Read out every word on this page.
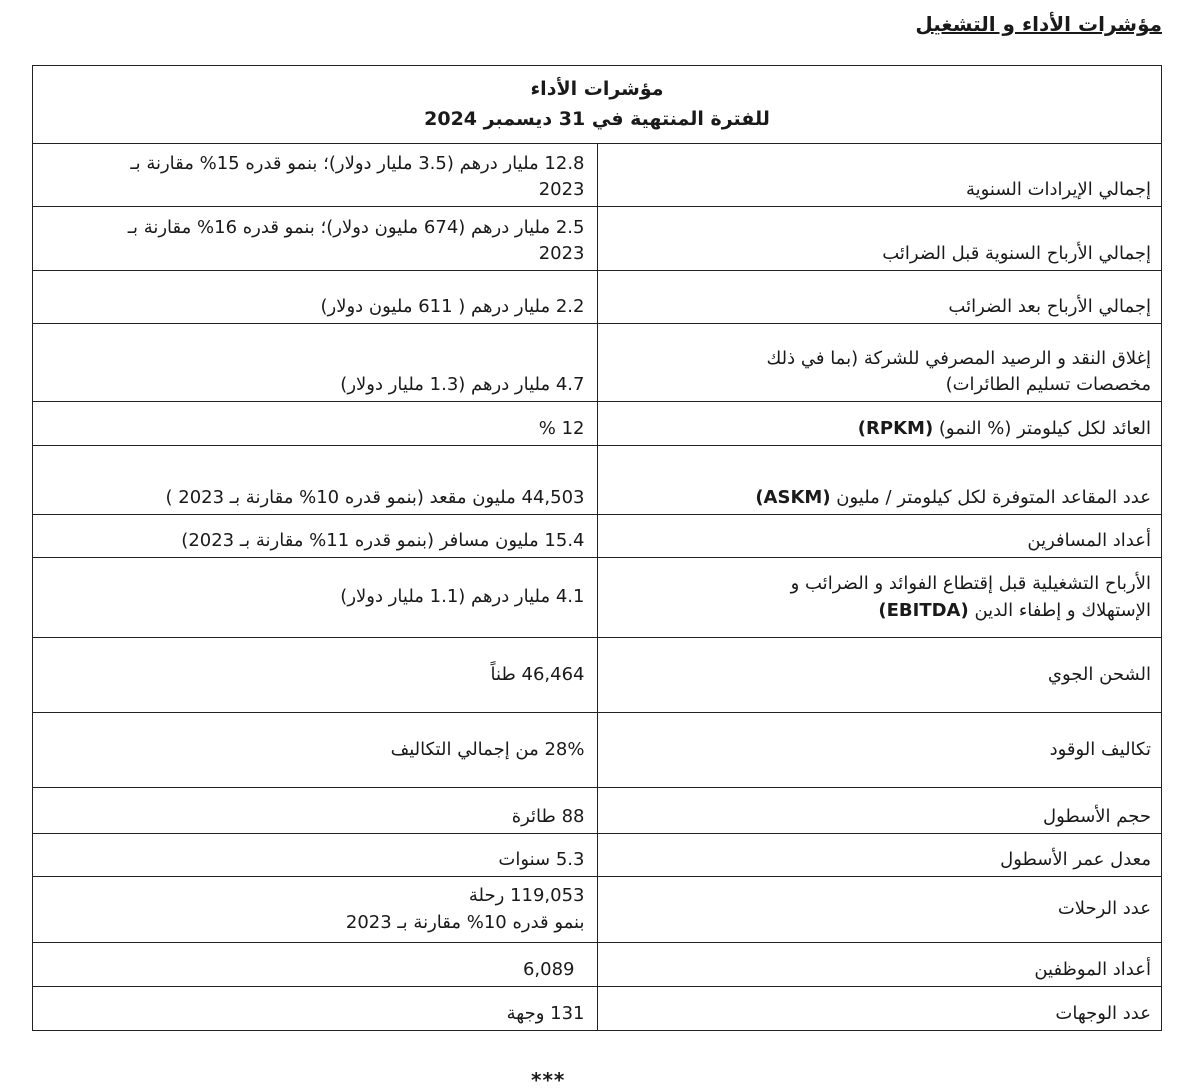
مؤشرات الأداء و التشغيل
مؤشرات الأداء
للفترة المنتهية في 31 ديسمبر 2024	

إجمالي الإيرادات السنوية	12.8 مليار درهم (3.5 مليار دولار)؛ بنمو قدره 15% مقارنة بـ
2023

إجمالي الأرباح السنوية قبل الضرائب	2.5 مليار درهم (674 مليون دولار)؛ بنمو قدره 16% مقارنة بـ
2023

إجمالي الأرباح بعد الضرائب	2.2 مليار درهم ( 611 مليون دولار)

إغلاق النقد و الرصيد المصرفي للشركة (بما في ذلك
مخصصات تسليم الطائرات)	4.7 مليار درهم (1.3 مليار دولار)
العائد لكل كيلومتر (% النمو) (RPKM)	12 %
عدد المقاعد المتوفرة لكل كيلومتر / مليون (ASKM)	44,503 مليون مقعد (بنمو قدره 10% مقارنة بـ 2023 )
أعداد المسافرين	15.4 مليون مسافر (بنمو قدره 11% مقارنة بـ 2023)

الأرباح التشغيلية قبل إقتطاع الفوائد و الضرائب و
الإستهلاك و إطفاء الدين (EBITDA)	4.1 مليار درهم (1.1 مليار دولار)
الشحن الجوي	46,464 طناً
تكاليف الوقود	28% من إجمالي التكاليف
حجم الأسطول	88 طائرة
معدل عمر الأسطول	5.3 سنوات
عدد الرحلات	119,053 رحلة
بنمو قدره 10% مقارنة بـ 2023

أعداد الموظفين	6,089
عدد الوجهات	131 وجهة
***
